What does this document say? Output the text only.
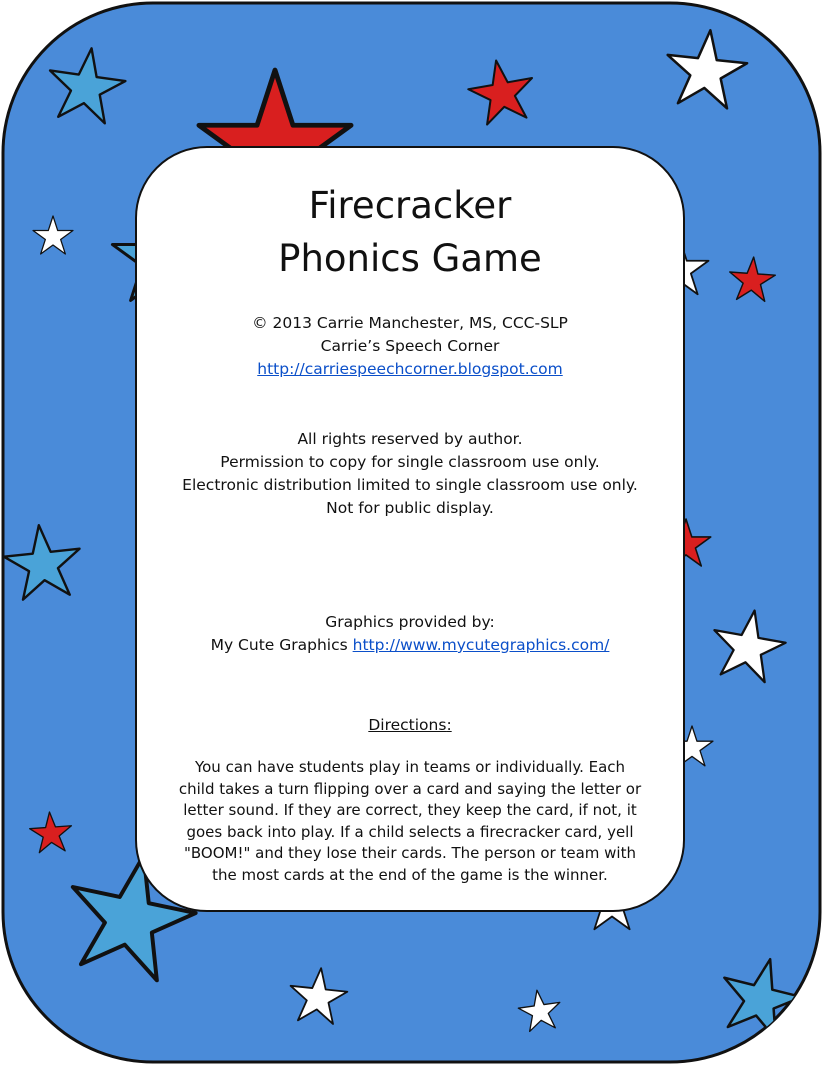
Firecracker
Phonics Game
© 2013 Carrie Manchester, MS, CCC-SLP
Carrie’s Speech Corner
http://carriespeechcorner.blogspot.com
All rights reserved by author.
Permission to copy for single classroom use only.
Electronic distribution limited to single classroom use only.
Not for public display.
Graphics provided by:
My Cute Graphics http://www.mycutegraphics.com/
Directions:
You can have students play in teams or individually. Each child takes a turn flipping over a card and saying the letter or letter sound. If they are correct, they keep the card, if not, it goes back into play. If a child selects a firecracker card, yell "BOOM!" and they lose their cards. The person or team with the most cards at the end of the game is the winner.
